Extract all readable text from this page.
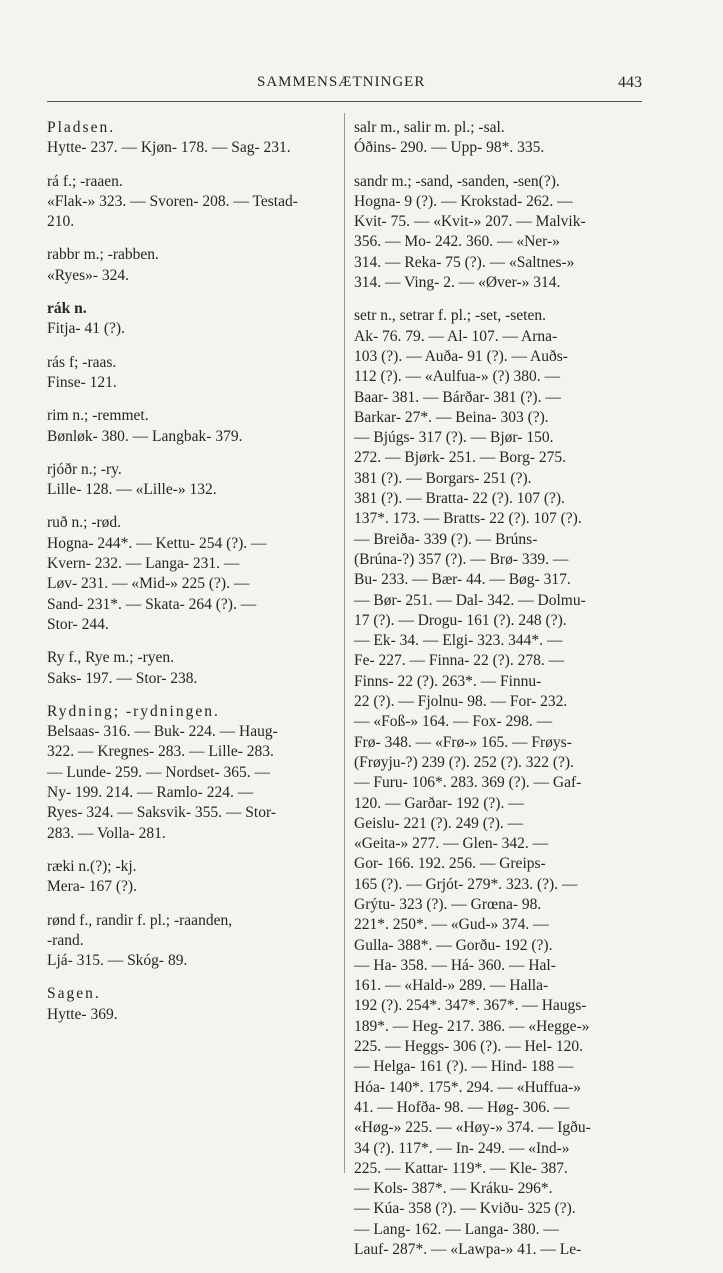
SAMMENSÆTNINGER	443
Pladsen.
Hytte- 237. — Kjøn- 178. — Sag- 231.
rá f.; -raaen.
«Flak-» 323. — Svoren- 208. — Testad-
210.
rabbr m.; -rabben.
«Ryes»- 324.
rák n.
Fitja- 41 (?).
rás f; -raas.
Finse- 121.
rim n.; -remmet.
Bønløk- 380. — Langbak- 379.
rjóðr n.; -ry.
Lille- 128. — «Lille-» 132.
ruð n.; -rød.
Hogna- 244*. — Kettu- 254 (?). —
Kvern- 232. — Langa- 231. —
Løv- 231. — «Mid-» 225 (?). —
Sand- 231*. — Skata- 264 (?). —
Stor- 244.
Ry f., Rye m.; -ryen.
Saks- 197. — Stor- 238.
Rydning; -rydningen.
Belsaas- 316. — Buk- 224. — Haug-
322. — Kregnes- 283. — Lille- 283.
— Lunde- 259. — Nordset- 365. —
Ny- 199. 214. — Ramlo- 224. —
Ryes- 324. — Saksvik- 355. — Stor-
283. — Volla- 281.
ræki n.(?); -kj.
Mera- 167 (?).
rønd f., randir f. pl.; -raanden,
-rand.
Ljá- 315. — Skóg- 89.
Sagen.
Hytte- 369.
salr m., salir m. pl.; -sal.
Óðins- 290. — Upp- 98*. 335.
sandr m.; -sand, -sanden, -sen(?).
Hogna- 9 (?). — Krokstad- 262. —
Kvit- 75. — «Kvit-» 207. — Malvik-
356. — Mo- 242. 360. — «Ner-»
314. — Reka- 75 (?). — «Saltnes-»
314. — Ving- 2. — «Øver-» 314.
setr n., setrar f. pl.; -set, -seten.
Ak- 76. 79. — Al- 107. — Arna-
103 (?). — Auða- 91 (?). — Auðs-
112 (?). — «Aulfua-» (?) 380. —
Baar- 381. — Bárðar- 381 (?). —
Barkar- 27*. — Beina- 303 (?).
— Bjúgs- 317 (?). — Bjør- 150.
272. — Bjørk- 251. — Borg- 275.
381 (?). — Borgars- 251 (?).
381 (?). — Bratta- 22 (?). 107 (?).
137*. 173. — Bratts- 22 (?). 107 (?).
— Breiða- 339 (?). — Brúns-
(Brúna-?) 357 (?). — Brø- 339. —
Bu- 233. — Bær- 44. — Bøg- 317.
— Bør- 251. — Dal- 342. — Dolmu-
17 (?). — Drogu- 161 (?). 248 (?).
— Ek- 34. — Elgi- 323. 344*. —
Fe- 227. — Finna- 22 (?). 278. —
Finns- 22 (?). 263*. — Finnu-
22 (?). — Fjolnu- 98. — For- 232.
— «Foß-» 164. — Fox- 298. —
Frø- 348. — «Frø-» 165. — Frøys-
(Frøyju-?) 239 (?). 252 (?). 322 (?).
— Furu- 106*. 283. 369 (?). — Gaf-
120. — Garðar- 192 (?). —
Geislu- 221 (?). 249 (?). —
«Geita-» 277. — Glen- 342. —
Gor- 166. 192. 256. — Greips-
165 (?). — Grjót- 279*. 323. (?). —
Grýtu- 323 (?). — Grœna- 98.
221*. 250*. — «Gud-» 374. —
Gulla- 388*. — Gorðu- 192 (?).
— Ha- 358. — Há- 360. — Hal-
161. — «Hald-» 289. — Halla-
192 (?). 254*. 347*. 367*. — Haugs-
189*. — Heg- 217. 386. — «Hegge-»
225. — Heggs- 306 (?). — Hel- 120.
— Helga- 161 (?). — Hind- 188 —
Hóa- 140*. 175*. 294. — «Huffua-»
41. — Hofða- 98. — Høg- 306. —
«Høg-» 225. — «Høy-» 374. — Igðu-
34 (?). 117*. — In- 249. — «Ind-»
225. — Kattar- 119*. — Kle- 387.
— Kols- 387*. — Kráku- 296*.
— Kúa- 358 (?). — Kviðu- 325 (?).
— Lang- 162. — Langa- 380. —
Lauf- 287*. — «Lawpa-» 41. — Le-
